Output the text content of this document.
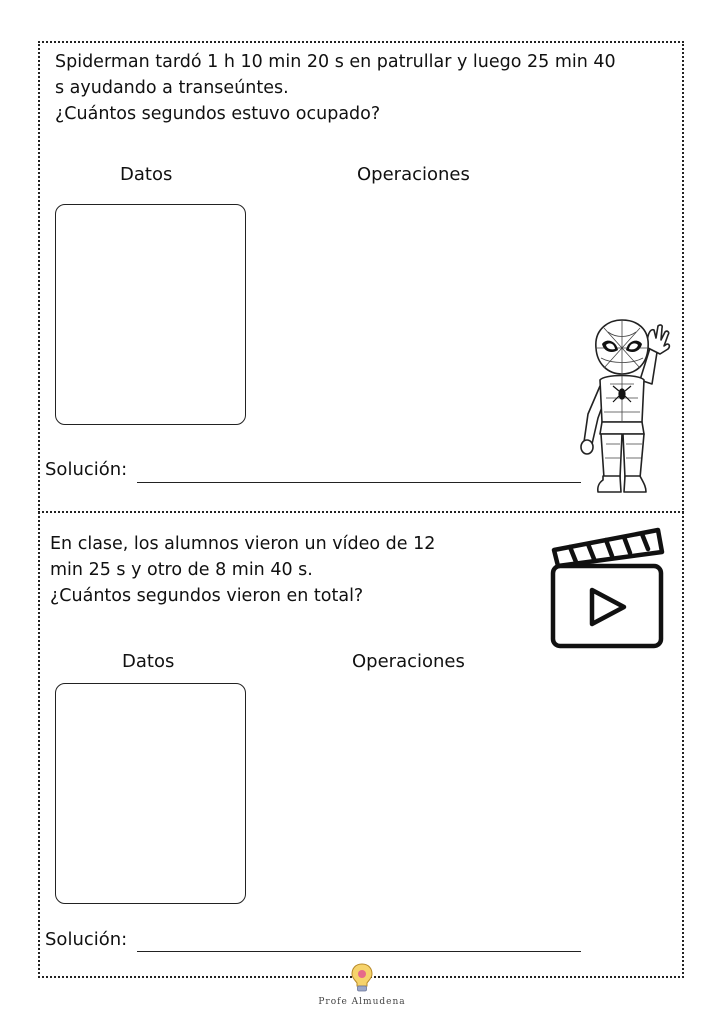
Spiderman tardó 1 h 10 min 20 s en patrullar y luego 25 min 40
s ayudando a transeúntes.
¿Cuántos segundos estuvo ocupado?
Datos	Operaciones
Solución:
En clase, los alumnos vieron un vídeo de 12
min 25 s y otro de 8 min 40 s.
¿Cuántos segundos vieron en total?
Datos	Operaciones
Solución:
Profe Almudena
